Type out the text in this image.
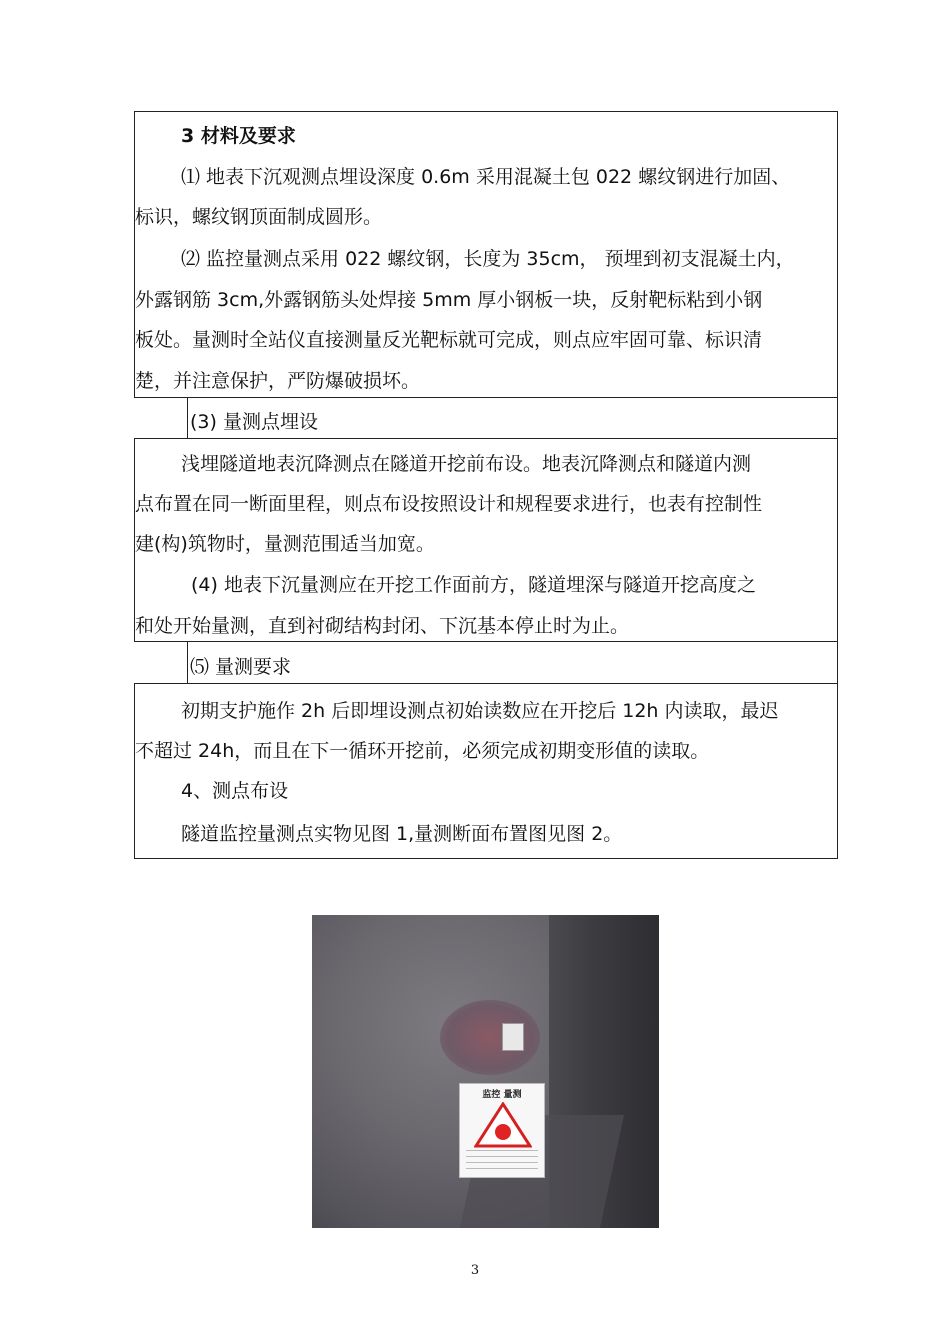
3 材料及要求

⑴ 地表下沉观测点埋设深度 0.6m 采用混凝土包 022 螺纹钢进行加固、

标识，螺纹钢顶面制成圆形。

⑵ 监控量测点采用 022 螺纹钢，长度为 35cm， 预埋到初支混凝土内，

外露钢筋 3cm,外露钢筋头处焊接 5mm 厚小钢板一块，反射靶标粘到小钢

板处。量测时全站仪直接测量反光靶标就可完成，则点应牢固可靠、标识清

楚，并注意保护，严防爆破损坏。

(3) 量测点埋设

浅埋隧道地表沉降测点在隧道开挖前布设。地表沉降测点和隧道内测

点布置在同一断面里程，则点布设按照设计和规程要求进行，也表有控制性

建(构)筑物时，量测范围适当加宽。

(4) 地表下沉量测应在开挖工作面前方，隧道埋深与隧道开挖高度之

和处开始量测，直到衬砌结构封闭、下沉基本停止时为止。

⑸ 量测要求

初期支护施作 2h 后即埋设测点初始读数应在开挖后 12h 内读取，最迟

不超过 24h，而且在下一循环开挖前，必须完成初期变形值的读取。

4、测点布设

隧道监控量测点实物见图 1,量测断面布置图见图 2。

监控 量测
3
